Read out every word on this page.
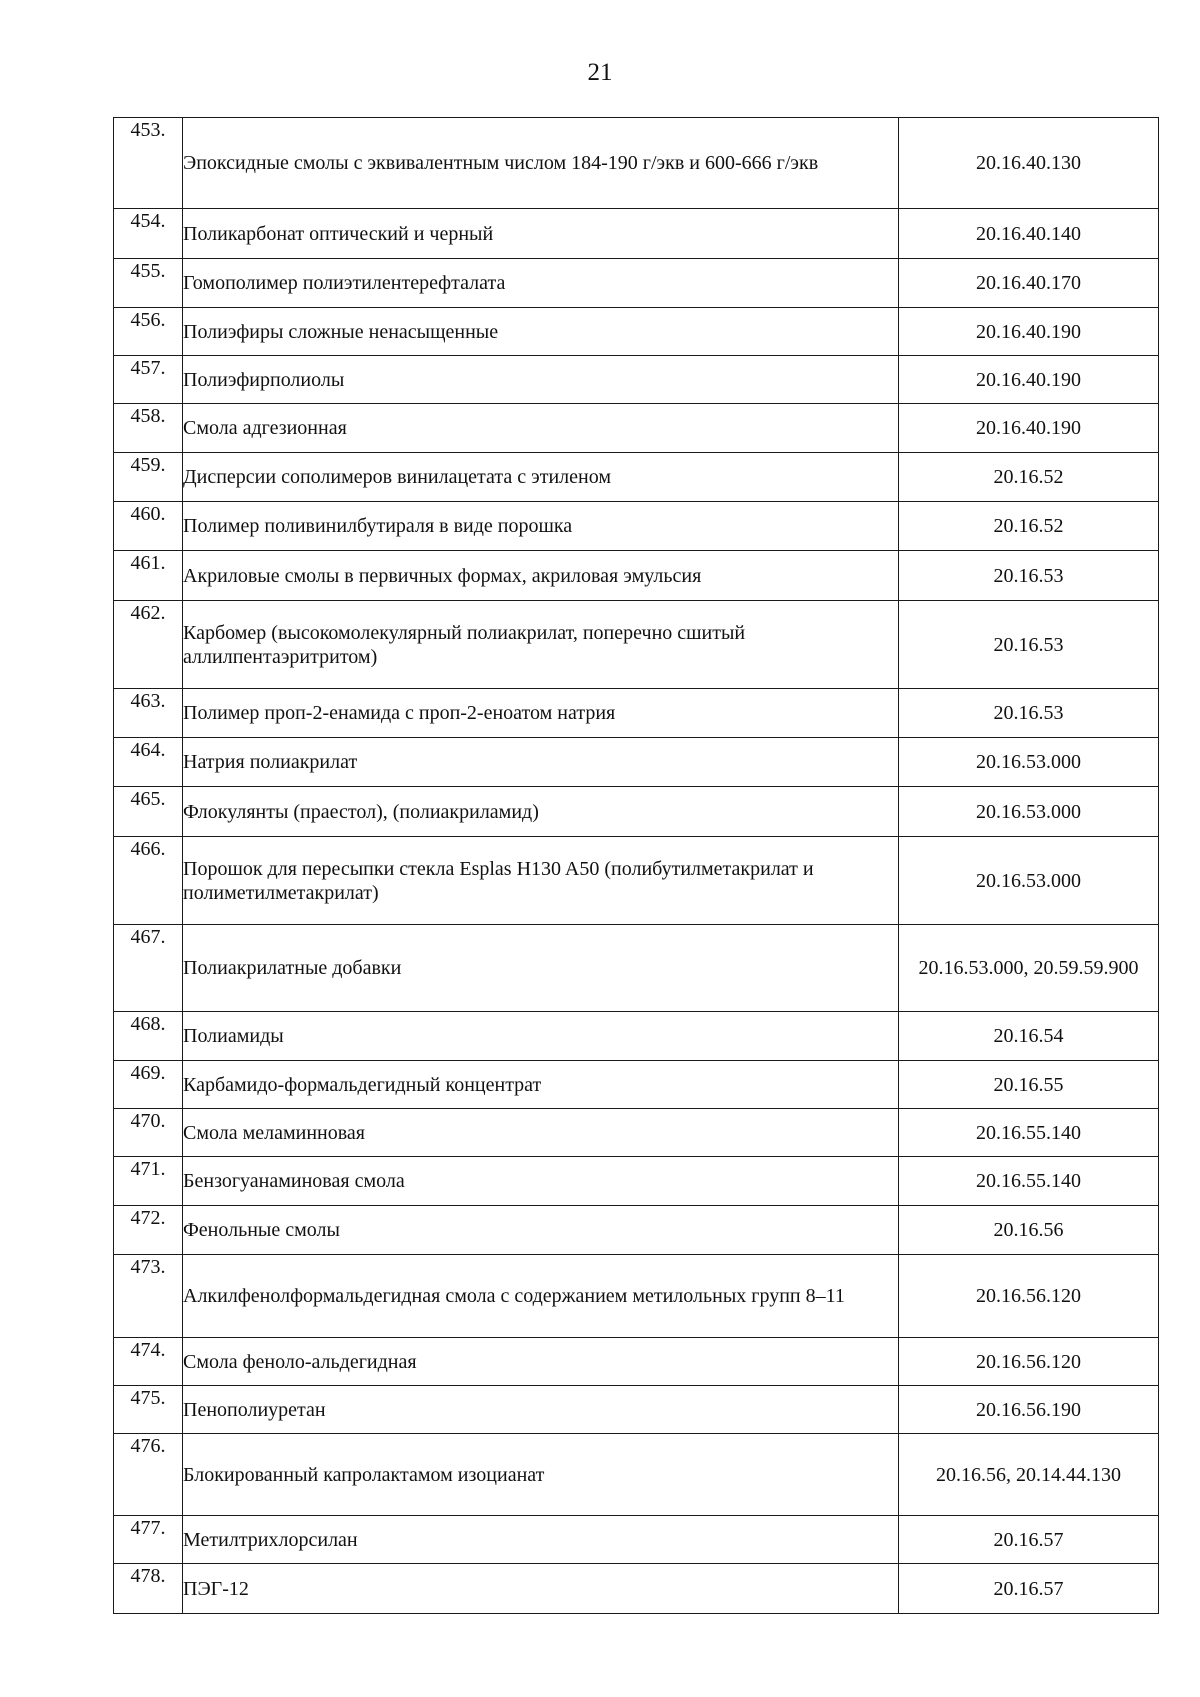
21
453.	Эпоксидные смолы с эквивалентным числом 184-190 г/экв и 600-666 г/экв	20.16.40.130
454.	Поликарбонат оптический и черный	20.16.40.140
455.	Гомополимер полиэтилентерефталата	20.16.40.170
456.	Полиэфиры сложные ненасыщенные	20.16.40.190
457.	Полиэфирполиолы	20.16.40.190
458.	Смола адгезионная	20.16.40.190
459.	Дисперсии сополимеров винилацетата с этиленом	20.16.52
460.	Полимер поливинилбутираля в виде порошка	20.16.52
461.	Акриловые смолы в первичных формах, акриловая эмульсия	20.16.53
462.	Карбомер (высокомолекулярный полиакрилат, поперечно сшитый аллилпентаэритритом)	20.16.53
463.	Полимер проп-2-енамида с проп-2-еноатом натрия	20.16.53
464.	Натрия полиакрилат	20.16.53.000
465.	Флокулянты (праестол), (полиакриламид)	20.16.53.000
466.	Порошок для пересыпки стекла Esplas H130 A50 (полибутилметакрилат и полиметилметакрилат)	20.16.53.000
467.	Полиакрилатные добавки	20.16.53.000, 20.59.59.900
468.	Полиамиды	20.16.54
469.	Карбамидо-формальдегидный концентрат	20.16.55
470.	Смола меламинновая	20.16.55.140
471.	Бензогуанаминовая смола	20.16.55.140
472.	Фенольные смолы	20.16.56
473.	Алкилфенолформальдегидная смола с содержанием метилольных групп 8–11	20.16.56.120
474.	Смола феноло-альдегидная	20.16.56.120
475.	Пенополиуретан	20.16.56.190
476.	Блокированный капролактамом изоцианат	20.16.56, 20.14.44.130
477.	Метилтрихлорсилан	20.16.57
478.	ПЭГ-12	20.16.57
